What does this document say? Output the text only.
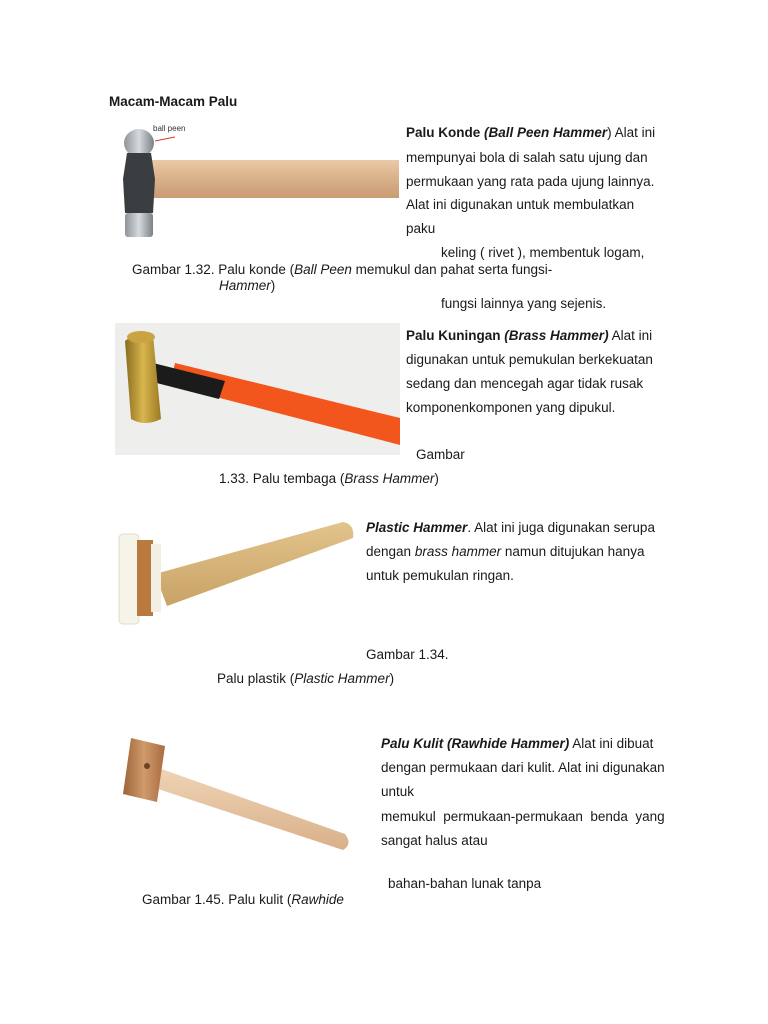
Macam-Macam Palu
ball peen	Palu Konde (Ball Peen Hammer) Alat ini
mempunyai bola di salah satu ujung dan
permukaan yang rata pada ujung lainnya.
Alat ini digunakan untuk membulatkan
paku
keling ( rivet ), membentuk logam,
Gambar 1.32. Palu konde (Ball Peen memukul dan pahat serta fungsi-
Hammer)
fungsi lainnya yang sejenis.
Palu Kuningan (Brass Hammer) Alat ini
digunakan untuk pemukulan berkekuatan
sedang dan mencegah agar tidak rusak
komponenkomponen yang dipukul.
Gambar
1.33. Palu tembaga (Brass Hammer)
Plastic Hammer. Alat ini juga digunakan serupa
dengan brass hammer namun ditujukan hanya
untuk pemukulan ringan.
Gambar 1.34.
Palu plastik (Plastic Hammer)
Palu Kulit (Rawhide Hammer) Alat ini dibuat
dengan permukaan dari kulit. Alat ini digunakan
untuk
memukul  permukaan-permukaan  benda  yang
sangat halus atau
bahan-bahan lunak tanpa
Gambar 1.45. Palu kulit (Rawhide
